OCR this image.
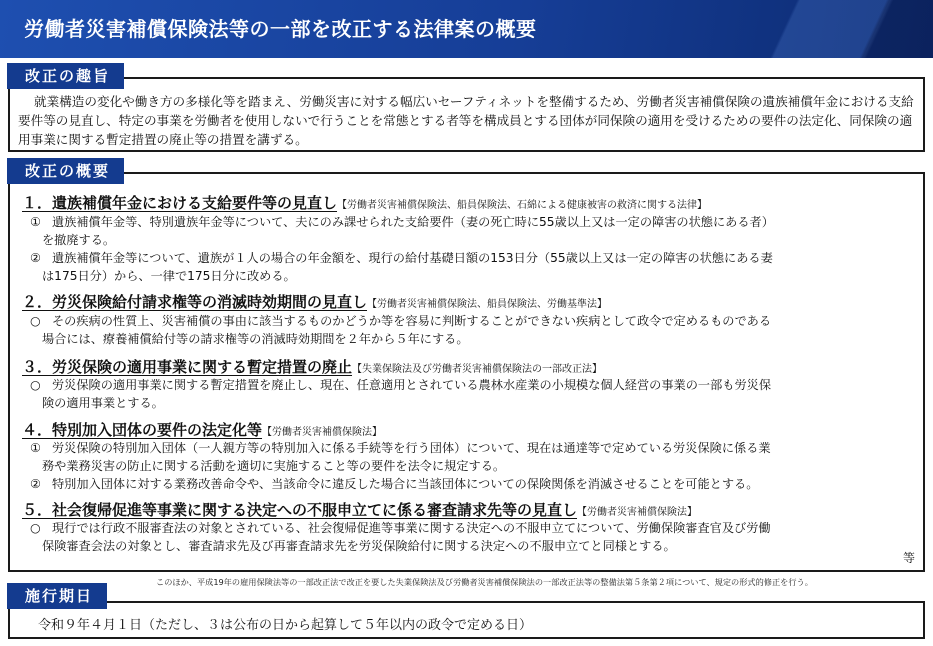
労働者災害補償保険法等の一部を改正する法律案の概要
改正の趣旨
就業構造の変化や働き方の多様化等を踏まえ、労働災害に対する幅広いセーフティネットを整備するため、労働者災害補償保険の遺族補償年金における支給要件等の見直し、特定の事業を労働者を使用しないで行うことを常態とする者等を構成員とする団体が同保険の適用を受けるための要件の法定化、同保険の適用事業に関する暫定措置の廃止等の措置を講ずる。
改正の概要
１．遺族補償年金における支給要件等の見直し【労働者災害補償保険法、船員保険法、石綿による健康被害の救済に関する法律】
① 遺族補償年金等、特別遺族年金等について、夫にのみ課せられた支給要件（妻の死亡時に55歳以上又は一定の障害の状態にある者）
を撤廃する。
② 遺族補償年金等について、遺族が１人の場合の年金額を、現行の給付基礎日額の153日分（55歳以上又は一定の障害の状態にある妻
は175日分）から、一律で175日分に改める。
２．労災保険給付請求権等の消滅時効期間の見直し【労働者災害補償保険法、船員保険法、労働基準法】
○ その疾病の性質上、災害補償の事由に該当するものかどうか等を容易に判断することができない疾病として政令で定めるものである
場合には、療養補償給付等の請求権等の消滅時効期間を２年から５年にする。
３．労災保険の適用事業に関する暫定措置の廃止【失業保険法及び労働者災害補償保険法の一部改正法】
○ 労災保険の適用事業に関する暫定措置を廃止し、現在、任意適用とされている農林水産業の小規模な個人経営の事業の一部も労災保
険の適用事業とする。
４．特別加入団体の要件の法定化等【労働者災害補償保険法】
① 労災保険の特別加入団体（一人親方等の特別加入に係る手続等を行う団体）について、現在は通達等で定めている労災保険に係る業
務や業務災害の防止に関する活動を適切に実施すること等の要件を法令に規定する。
② 特別加入団体に対する業務改善命令や、当該命令に違反した場合に当該団体についての保険関係を消滅させることを可能とする。
５．社会復帰促進等事業に関する決定への不服申立てに係る審査請求先等の見直し【労働者災害補償保険法】
○ 現行では行政不服審査法の対象とされている、社会復帰促進等事業に関する決定への不服申立てについて、労働保険審査官及び労働
保険審査会法の対象とし、審査請求先及び再審査請求先を労災保険給付に関する決定への不服申立てと同様とする。
等
このほか、平成19年の雇用保険法等の一部改正法で改正を要した失業保険法及び労働者災害補償保険法の一部改正法等の整備法第５条第２項について、規定の形式的修正を行う。
施行期日
令和９年４月１日（ただし、３は公布の日から起算して５年以内の政令で定める日）
